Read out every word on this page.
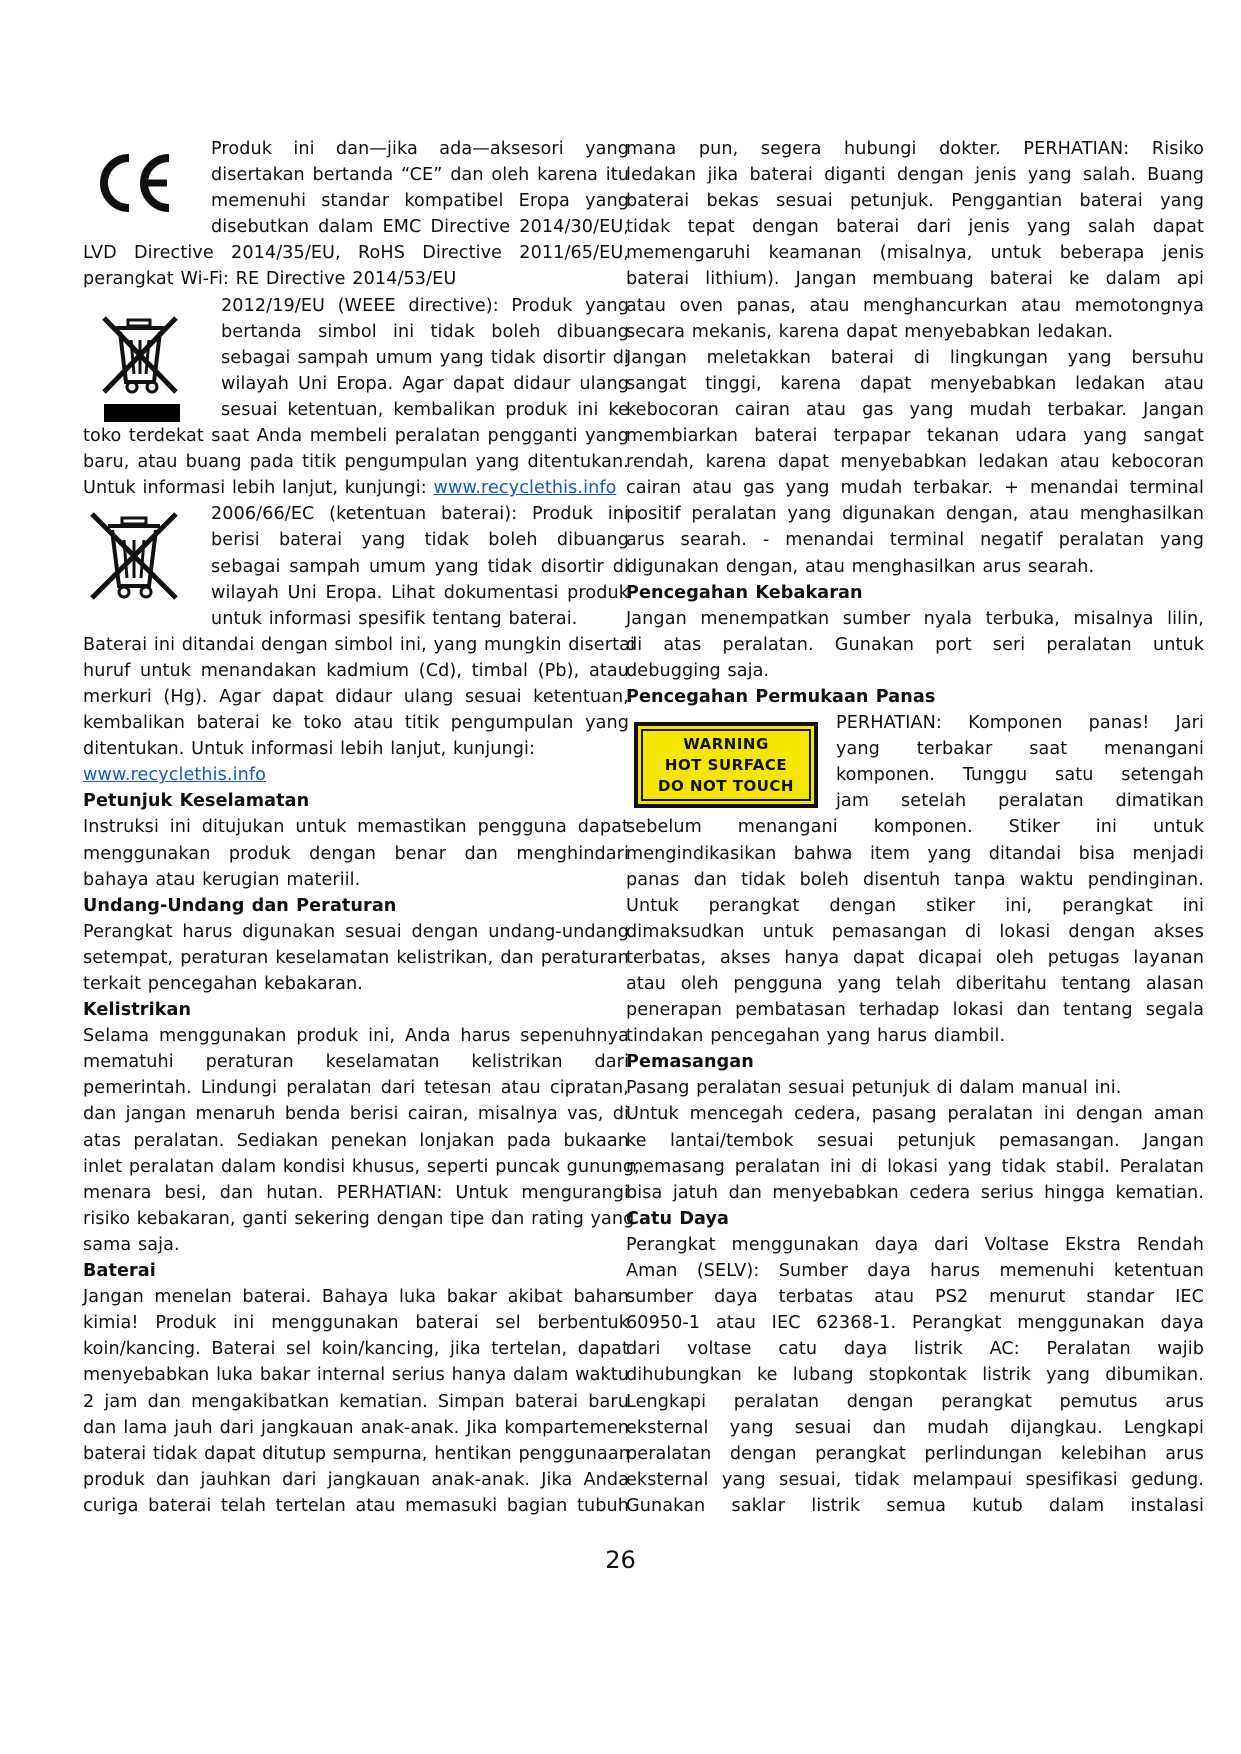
Produk ini dan—jika ada—aksesori yang
disertakan bertanda “CE” dan oleh karena itu
memenuhi standar kompatibel Eropa yang
disebutkan dalam EMC Directive 2014/30/EU,
LVD Directive 2014/35/EU, RoHS Directive 2011/65/EU,
perangkat Wi-Fi: RE Directive 2014/53/EU
2012/19/EU (WEEE directive): Produk yang
bertanda simbol ini tidak boleh dibuang
sebagai sampah umum yang tidak disortir di
wilayah Uni Eropa. Agar dapat didaur ulang
sesuai ketentuan, kembalikan produk ini ke
toko terdekat saat Anda membeli peralatan pengganti yang
baru, atau buang pada titik pengumpulan yang ditentukan.
Untuk informasi lebih lanjut, kunjungi: www.recyclethis.info
2006/66/EC (ketentuan baterai): Produk ini
berisi baterai yang tidak boleh dibuang
sebagai sampah umum yang tidak disortir di
wilayah Uni Eropa. Lihat dokumentasi produk
untuk informasi spesifik tentang baterai.
Baterai ini ditandai dengan simbol ini, yang mungkin disertai
huruf untuk menandakan kadmium (Cd), timbal (Pb), atau
merkuri (Hg). Agar dapat didaur ulang sesuai ketentuan,
kembalikan baterai ke toko atau titik pengumpulan yang
ditentukan. Untuk informasi lebih lanjut, kunjungi:
www.recyclethis.info
Petunjuk Keselamatan
Instruksi ini ditujukan untuk memastikan pengguna dapat
menggunakan produk dengan benar dan menghindari
bahaya atau kerugian materiil.
Undang-Undang dan Peraturan
Perangkat harus digunakan sesuai dengan undang-undang
setempat, peraturan keselamatan kelistrikan, dan peraturan
terkait pencegahan kebakaran.
Kelistrikan
Selama menggunakan produk ini, Anda harus sepenuhnya
mematuhi peraturan keselamatan kelistrikan dari
pemerintah. Lindungi peralatan dari tetesan atau cipratan,
dan jangan menaruh benda berisi cairan, misalnya vas, di
atas peralatan. Sediakan penekan lonjakan pada bukaan
inlet peralatan dalam kondisi khusus, seperti puncak gunung,
menara besi, dan hutan. PERHATIAN: Untuk mengurangi
risiko kebakaran, ganti sekering dengan tipe dan rating yang
sama saja.
Baterai
Jangan menelan baterai. Bahaya luka bakar akibat bahan
kimia! Produk ini menggunakan baterai sel berbentuk
koin/kancing. Baterai sel koin/kancing, jika tertelan, dapat
menyebabkan luka bakar internal serius hanya dalam waktu
2 jam dan mengakibatkan kematian. Simpan baterai baru
dan lama jauh dari jangkauan anak-anak. Jika kompartemen
baterai tidak dapat ditutup sempurna, hentikan penggunaan
produk dan jauhkan dari jangkauan anak-anak. Jika Anda
curiga baterai telah tertelan atau memasuki bagian tubuh
mana pun, segera hubungi dokter. PERHATIAN: Risiko
ledakan jika baterai diganti dengan jenis yang salah. Buang
baterai bekas sesuai petunjuk. Penggantian baterai yang
tidak tepat dengan baterai dari jenis yang salah dapat
memengaruhi keamanan (misalnya, untuk beberapa jenis
baterai lithium). Jangan membuang baterai ke dalam api
atau oven panas, atau menghancurkan atau memotongnya
secara mekanis, karena dapat menyebabkan ledakan.
Jangan meletakkan baterai di lingkungan yang bersuhu
sangat tinggi, karena dapat menyebabkan ledakan atau
kebocoran cairan atau gas yang mudah terbakar. Jangan
membiarkan baterai terpapar tekanan udara yang sangat
rendah, karena dapat menyebabkan ledakan atau kebocoran
cairan atau gas yang mudah terbakar. + menandai terminal
positif peralatan yang digunakan dengan, atau menghasilkan
arus searah. - menandai terminal negatif peralatan yang
digunakan dengan, atau menghasilkan arus searah.
Pencegahan Kebakaran
Jangan menempatkan sumber nyala terbuka, misalnya lilin,
di atas peralatan. Gunakan port seri peralatan untuk
debugging saja.
Pencegahan Permukaan Panas
PERHATIAN: Komponen panas! Jari
yang terbakar saat menangani
komponen. Tunggu satu setengah
jam setelah peralatan dimatikan
sebelum menangani komponen. Stiker ini untuk
mengindikasikan bahwa item yang ditandai bisa menjadi
panas dan tidak boleh disentuh tanpa waktu pendinginan.
Untuk perangkat dengan stiker ini, perangkat ini
dimaksudkan untuk pemasangan di lokasi dengan akses
terbatas, akses hanya dapat dicapai oleh petugas layanan
atau oleh pengguna yang telah diberitahu tentang alasan
penerapan pembatasan terhadap lokasi dan tentang segala
tindakan pencegahan yang harus diambil.
Pemasangan
Pasang peralatan sesuai petunjuk di dalam manual ini.
Untuk mencegah cedera, pasang peralatan ini dengan aman
ke lantai/tembok sesuai petunjuk pemasangan. Jangan
memasang peralatan ini di lokasi yang tidak stabil. Peralatan
bisa jatuh dan menyebabkan cedera serius hingga kematian.
Catu Daya
Perangkat menggunakan daya dari Voltase Ekstra Rendah
Aman (SELV): Sumber daya harus memenuhi ketentuan
sumber daya terbatas atau PS2 menurut standar IEC
60950-1 atau IEC 62368-1. Perangkat menggunakan daya
dari voltase catu daya listrik AC: Peralatan wajib
dihubungkan ke lubang stopkontak listrik yang dibumikan.
Lengkapi peralatan dengan perangkat pemutus arus
eksternal yang sesuai dan mudah dijangkau. Lengkapi
peralatan dengan perangkat perlindungan kelebihan arus
eksternal yang sesuai, tidak melampaui spesifikasi gedung.
Gunakan saklar listrik semua kutub dalam instalasi
WARNING
HOT SURFACE
DO NOT TOUCH
26
